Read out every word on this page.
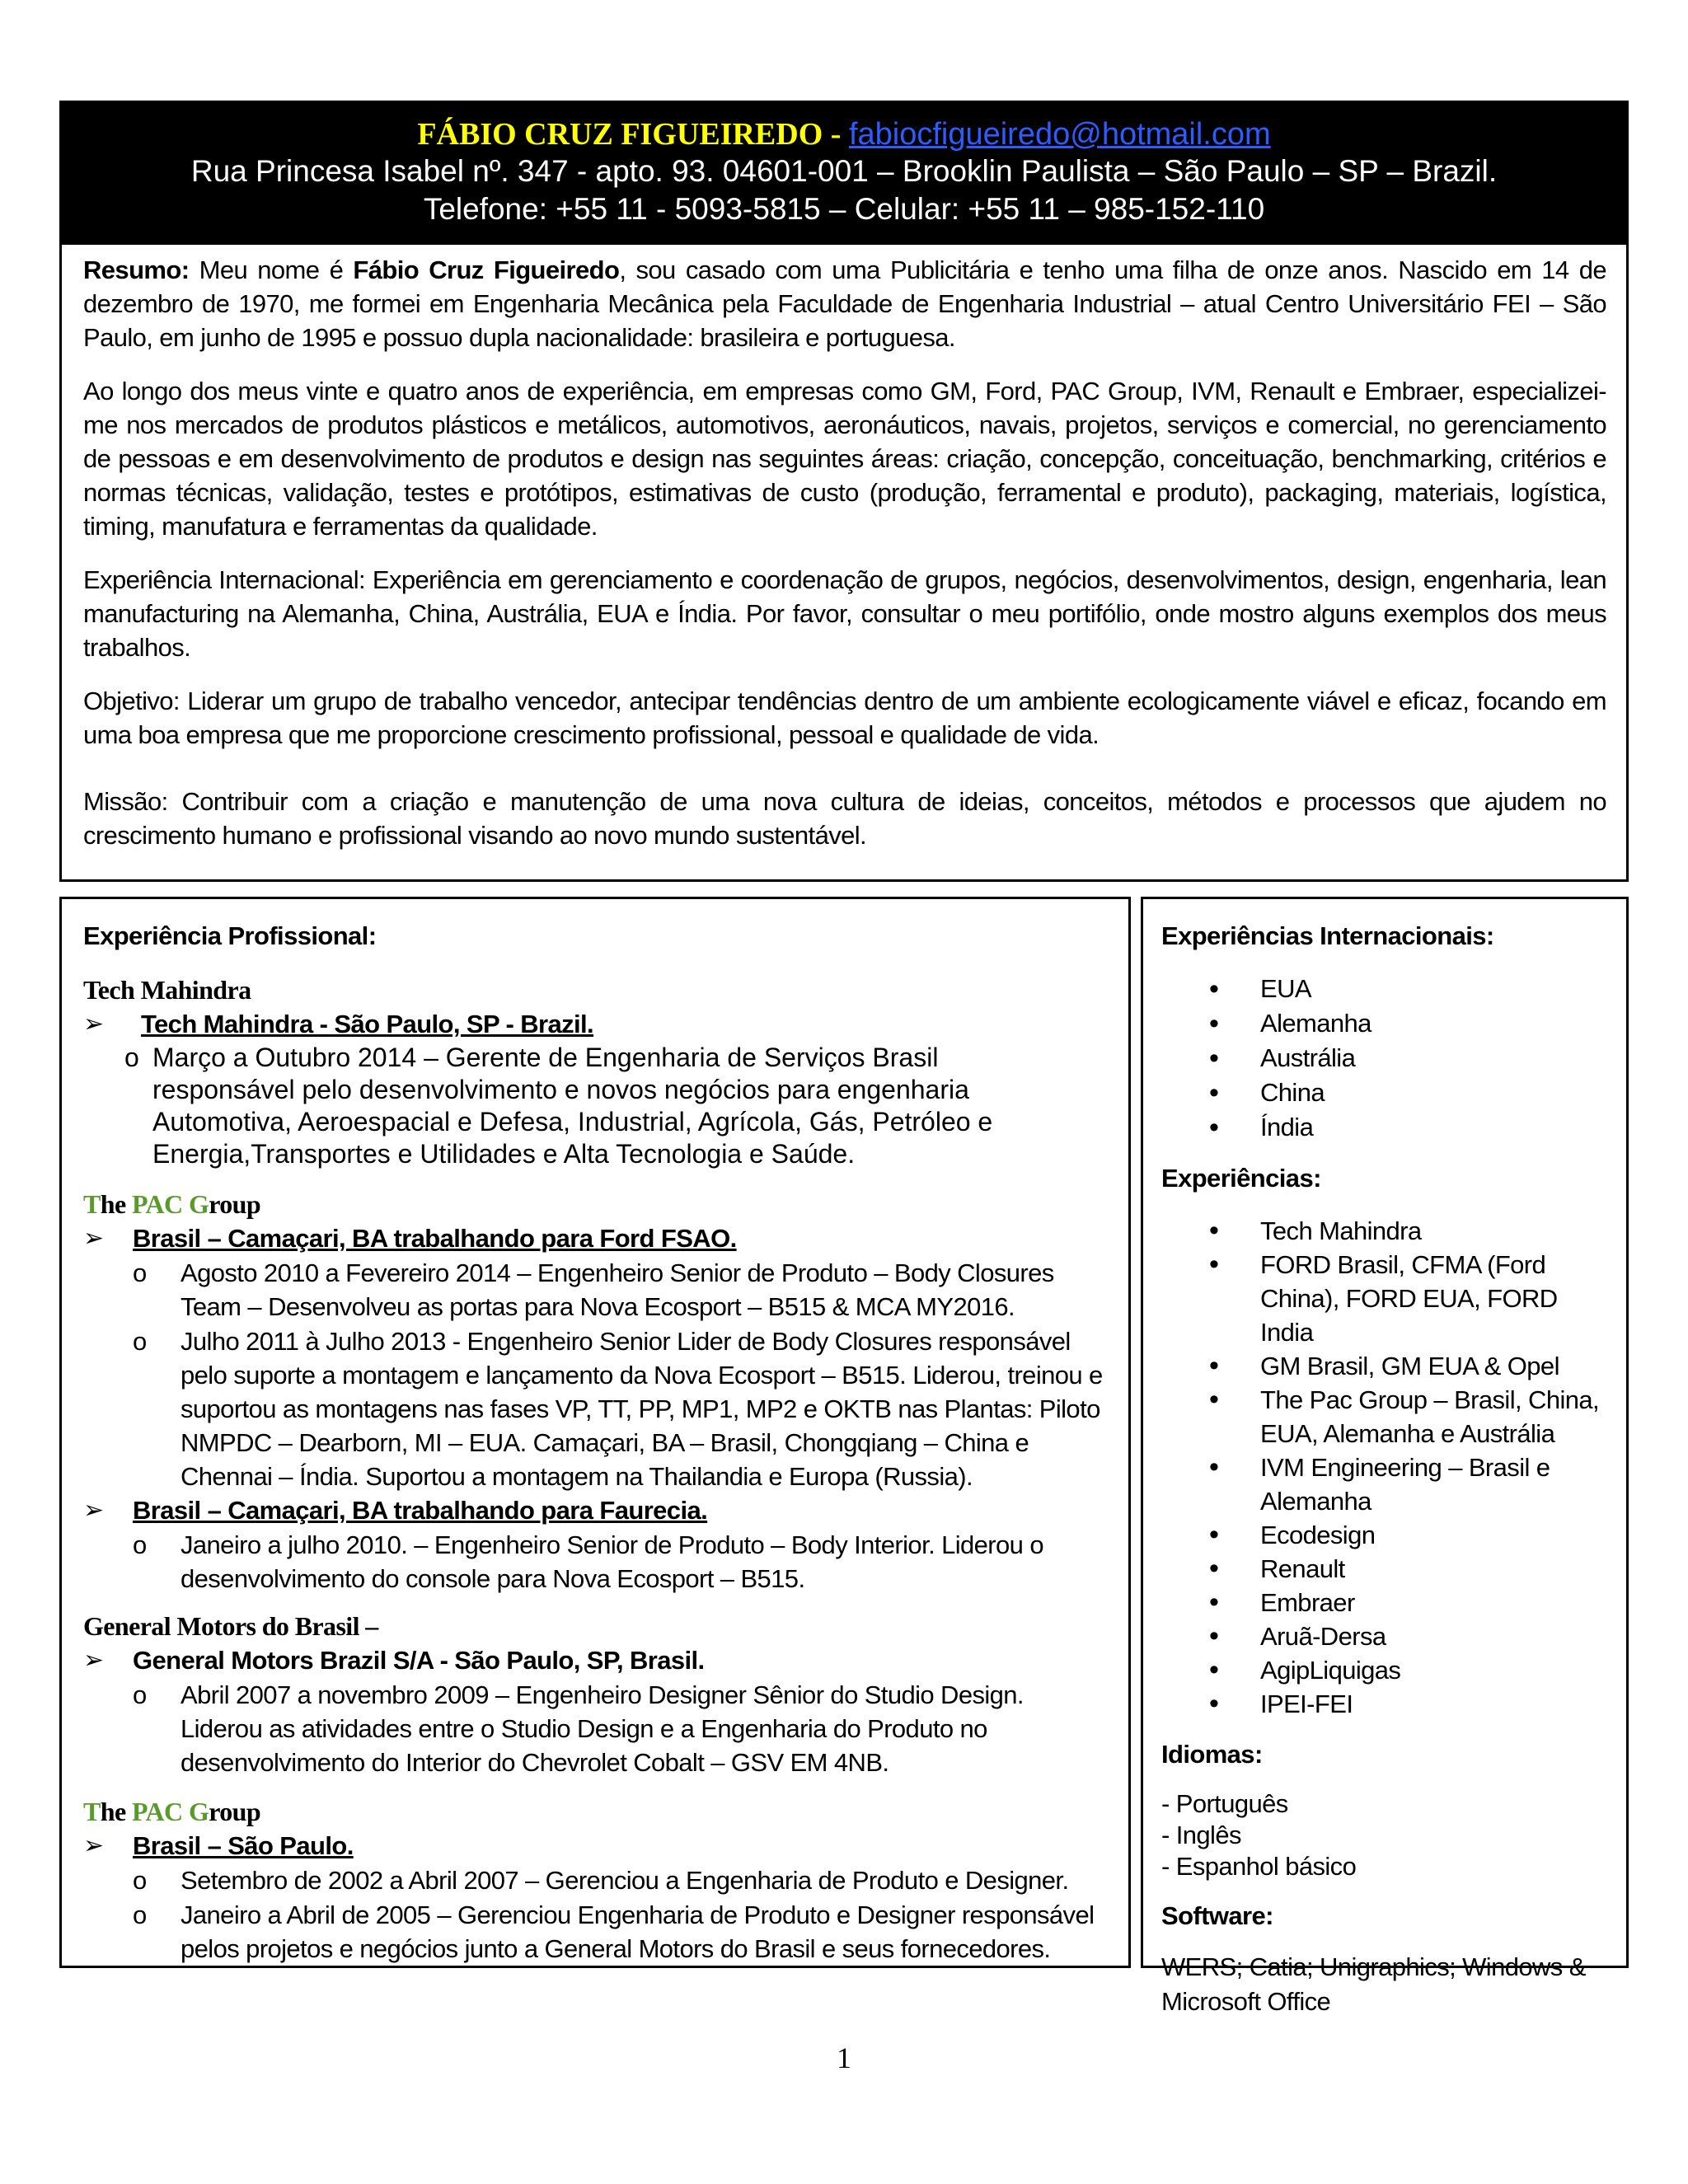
FÁBIO CRUZ FIGUEIREDO - fabiocfigueiredo@hotmail.com
Rua Princesa Isabel nº. 347 - apto. 93. 04601-001 – Brooklin Paulista – São Paulo – SP – Brazil.
Telefone: +55 11 - 5093-5815 – Celular: +55 11 – 985-152-110

Resumo: Meu nome é Fábio Cruz Figueiredo, sou casado com uma Publicitária e tenho uma filha de onze anos. Nascido em 14 de dezembro de 1970, me formei em Engenharia Mecânica pela Faculdade de Engenharia Industrial – atual Centro Universitário FEI – São Paulo, em junho de 1995 e possuo dupla nacionalidade: brasileira e portuguesa.

Ao longo dos meus vinte e quatro anos de experiência, em empresas como GM, Ford, PAC Group, IVM, Renault e Embraer, especializei-me nos mercados de produtos plásticos e metálicos, automotivos, aeronáuticos, navais, projetos, serviços e comercial, no gerenciamento de pessoas e em desenvolvimento de produtos e design nas seguintes áreas: criação, concepção, conceituação, benchmarking, critérios e normas técnicas, validação, testes e protótipos, estimativas de custo (produção, ferramental e produto), packaging, materiais, logística, timing, manufatura e ferramentas da qualidade.

Experiência Internacional: Experiência em gerenciamento e coordenação de grupos, negócios, desenvolvimentos, design, engenharia, lean manufacturing na Alemanha, China, Austrália, EUA e Índia. Por favor, consultar o meu portifólio, onde mostro alguns exemplos dos meus trabalhos.

Objetivo: Liderar um grupo de trabalho vencedor, antecipar tendências dentro de um ambiente ecologicamente viável e eficaz, focando em uma boa empresa que me proporcione crescimento profissional, pessoal e qualidade de vida.

Missão: Contribuir com a criação e manutenção de uma nova cultura de ideias, conceitos, métodos e processos que ajudem no crescimento humano e profissional visando ao novo mundo sustentável.

Experiência Profissional:
Tech Mahindra
➢ Tech Mahindra - São Paulo, SP - Brazil.
o Março a Outubro 2014 – Gerente de Engenharia de Serviços Brasil responsável pelo desenvolvimento e novos negócios para engenharia Automotiva, Aeroespacial e Defesa, Industrial, Agrícola, Gás, Petróleo e Energia,Transportes e Utilidades e Alta Tecnologia e Saúde.
The PAC Group
➢ Brasil – Camaçari, BA trabalhando para Ford FSAO.
o Agosto 2010 a Fevereiro 2014 – Engenheiro Senior de Produto – Body Closures Team – Desenvolveu as portas para Nova Ecosport – B515 & MCA MY2016.
o Julho 2011 à Julho 2013 - Engenheiro Senior Lider de Body Closures responsável pelo suporte a montagem e lançamento da Nova Ecosport – B515. Liderou, treinou e suportou as montagens nas fases VP, TT, PP, MP1, MP2 e OKTB nas Plantas: Piloto NMPDC – Dearborn, MI – EUA. Camaçari, BA – Brasil, Chongqiang – China e Chennai – Índia. Suportou a montagem na Thailandia e Europa (Russia).
➢ Brasil – Camaçari, BA trabalhando para Faurecia.
o Janeiro a julho 2010. – Engenheiro Senior de Produto – Body Interior. Liderou o desenvolvimento do console para Nova Ecosport – B515.
General Motors do Brasil –
➢ General Motors Brazil S/A - São Paulo, SP, Brasil.
o Abril 2007 a novembro 2009 – Engenheiro Designer Sênior do Studio Design. Liderou as atividades entre o Studio Design e a Engenharia do Produto no desenvolvimento do Interior do Chevrolet Cobalt – GSV EM 4NB.
The PAC Group
➢ Brasil – São Paulo.
o Setembro de 2002 a Abril 2007 – Gerenciou a Engenharia de Produto e Designer.
o Janeiro a Abril de 2005 – Gerenciou Engenharia de Produto e Designer responsável pelos projetos e negócios junto a General Motors do Brasil e seus fornecedores.
Experiências Internacionais:
• EUA
• Alemanha
• Austrália
• China
• Índia
Experiências:
• Tech Mahindra
• FORD Brasil, CFMA (Ford China), FORD EUA, FORD India
• GM Brasil, GM EUA & Opel
• The Pac Group – Brasil, China, EUA, Alemanha e Austrália
• IVM Engineering – Brasil e Alemanha
• Ecodesign
• Renault
• Embraer
• Aruã-Dersa
• AgipLiquigas
• IPEI-FEI
Idiomas:
- Português
- Inglês
- Espanhol básico
Software:
WERS; Catia; Unigraphics; Windows & Microsoft Office
1
